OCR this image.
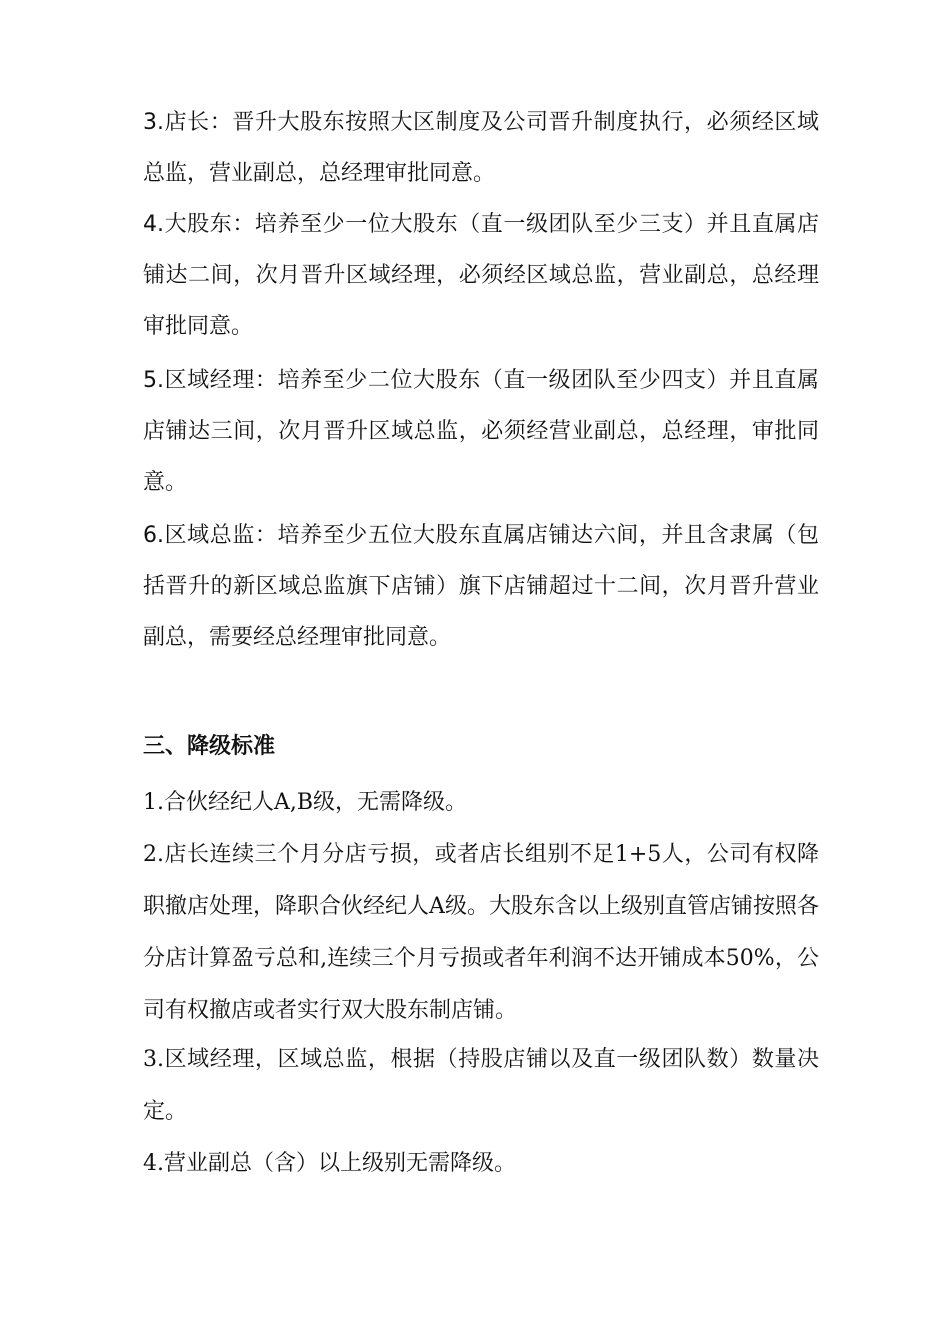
3.店长：晋升大股东按照大区制度及公司晋升制度执行，必须经区域总监，营业副总，总经理审批同意。

4.大股东：培养至少一位大股东（直一级团队至少三支）并且直属店铺达二间，次月晋升区域经理，必须经区域总监，营业副总，总经理审批同意。

5.区域经理：培养至少二位大股东（直一级团队至少四支）并且直属店铺达三间，次月晋升区域总监，必须经营业副总，总经理，审批同意。

6.区域总监：培养至少五位大股东直属店铺达六间，并且含隶属（包括晋升的新区域总监旗下店铺）旗下店铺超过十二间，次月晋升营业副总，需要经总经理审批同意。

三、降级标准

1.合伙经纪人A,B级，无需降级。

2.店长连续三个月分店亏损，或者店长组别不足1+5人，公司有权降职撤店处理，降职合伙经纪人A级。大股东含以上级别直管店铺按照各分店计算盈亏总和,连续三个月亏损或者年利润不达开铺成本50%，公司有权撤店或者实行双大股东制店铺。

3.区域经理，区域总监，根据（持股店铺以及直一级团队数）数量决定。

4.营业副总（含）以上级别无需降级。
